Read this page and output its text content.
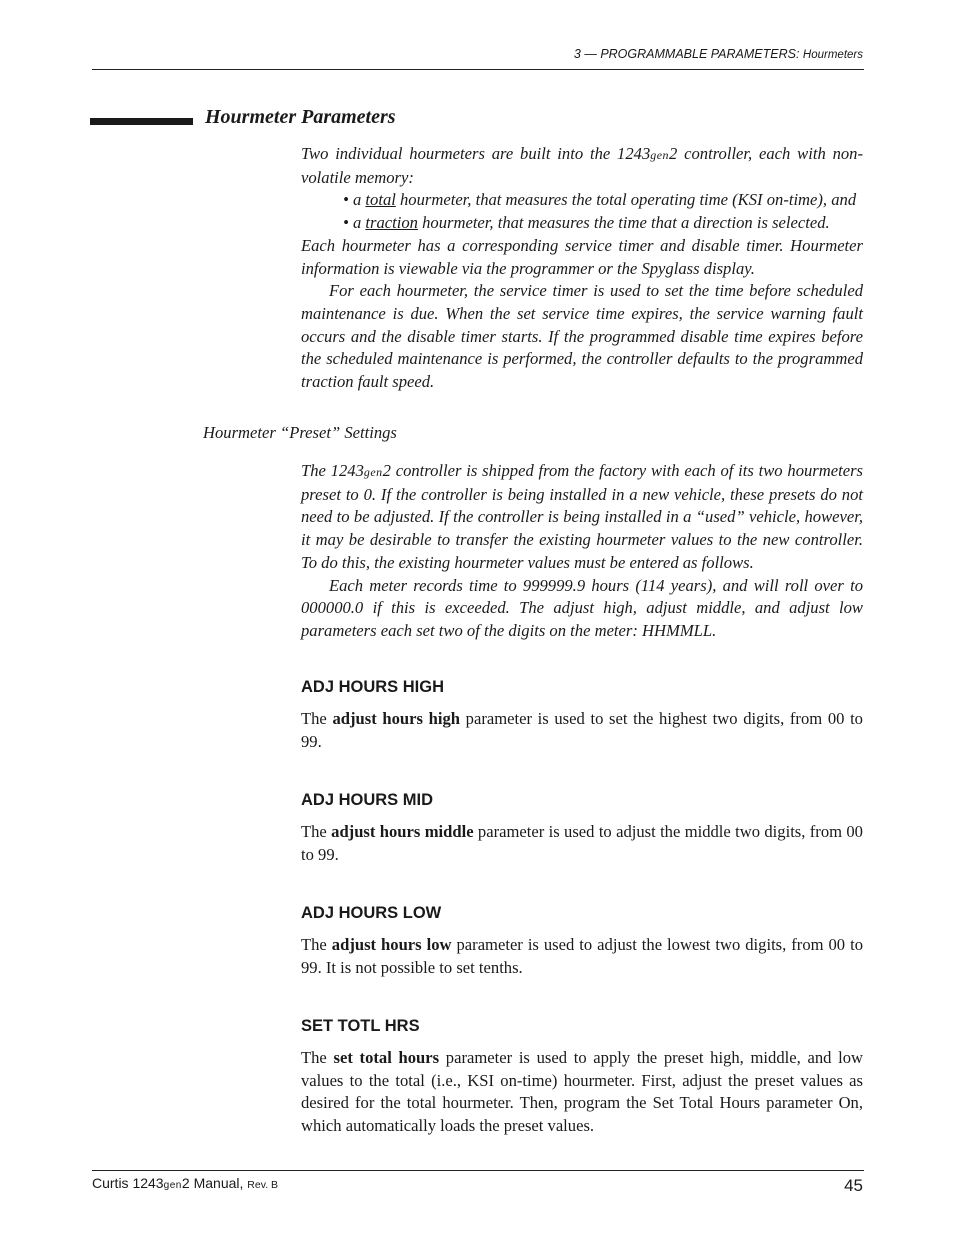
3 — PROGRAMMABLE PARAMETERS: Hourmeters
Hourmeter Parameters

Two individual hourmeters are built into the 1243gen2 controller, each with non-volatile memory:

• a total hourmeter, that measures the total operating time (KSI on-time), and

• a traction hourmeter, that measures the time that a direction is selected.

Each hourmeter has a corresponding service timer and disable timer. Hourmeter information is viewable via the programmer or the Spyglass display.

For each hourmeter, the service timer is used to set the time before scheduled maintenance is due. When the set service time expires, the service warning fault occurs and the disable timer starts. If the programmed disable time expires before the scheduled maintenance is performed, the controller defaults to the programmed traction fault speed.

Hourmeter “Preset” Settings

The 1243gen2 controller is shipped from the factory with each of its two hourmeters preset to 0. If the controller is being installed in a new vehicle, these presets do not need to be adjusted. If the controller is being installed in a “used” vehicle, however, it may be desirable to transfer the existing hourmeter values to the new controller. To do this, the existing hourmeter values must be entered as follows.

Each meter records time to 999999.9 hours (114 years), and will roll over to 000000.0 if this is exceeded. The adjust high, adjust middle, and adjust low parameters each set two of the digits on the meter: HHMMLL.

ADJ HOURS HIGH
The adjust hours high parameter is used to set the highest two digits, from 00 to 99.
ADJ HOURS MID
The adjust hours middle parameter is used to adjust the middle two digits, from 00 to 99.
ADJ HOURS LOW
The adjust hours low parameter is used to adjust the lowest two digits, from 00 to 99. It is not possible to set tenths.
SET TOTL HRS
The set total hours parameter is used to apply the preset high, middle, and low values to the total (i.e., KSI on-time) hourmeter. First, adjust the preset values as desired for the total hourmeter. Then, program the Set Total Hours parameter On, which automatically loads the preset values.
Curtis 1243gen2 Manual, Rev. B	45
